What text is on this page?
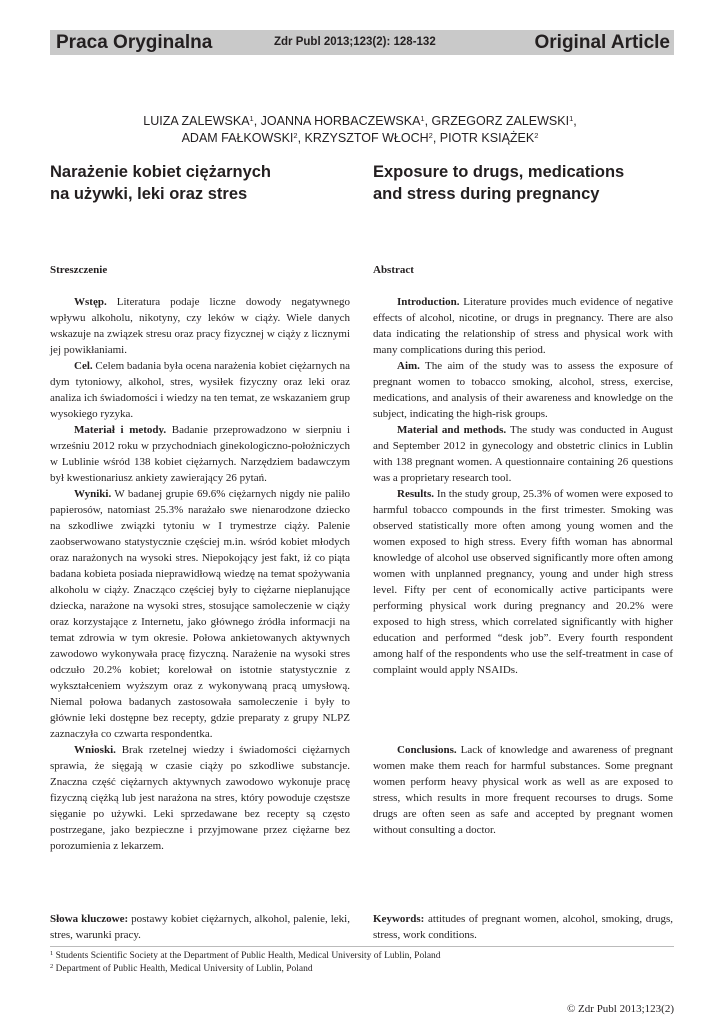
Praca Oryginalna	Zdr Publ 2013;123(2): 128-132	Original Article
LUIZA ZALEWSKA$^1$, JOANNA HORBACZEWSKA$^1$, GRZEGORZ ZALEWSKI$^1$,
ADAM FAŁKOWSKI$^2$, KRZYSZTOF WŁOCH$^2$, PIOTR KSIĄŻEK$^2$
Narażenie kobiet ciężarnych
na używki, leki oraz stres
Exposure to drugs, medications
and stress during pregnancy

Streszczenie

Wstęp. Literatura podaje liczne dowody negatywnego wpływu alkoholu, nikotyny, czy leków w ciąży. Wiele danych wskazuje na związek stresu oraz pracy fizycznej w ciąży z licznymi jej powikłaniami.

Cel. Celem badania była ocena narażenia kobiet ciężarnych na dym tytoniowy, alkohol, stres, wysiłek fizyczny oraz leki oraz analiza ich świadomości i wiedzy na ten temat, ze wskazaniem grup wysokiego ryzyka.

Materiał i metody. Badanie przeprowadzono w sierpniu i wrześniu 2012 roku w przychodniach ginekologiczno-położniczych w Lublinie wśród 138 kobiet ciężarnych. Narzędziem badawczym był kwestionariusz ankiety zawierający 26 pytań.

Wyniki. W badanej grupie 69.6% ciężarnych nigdy nie paliło papierosów, natomiast 25.3% narażało swe nienarodzone dziecko na szkodliwe związki tytoniu w I trymestrze ciąży. Palenie zaobserwowano statystycznie częściej m.in. wśród kobiet młodych oraz narażonych na wysoki stres. Niepokojący jest fakt, iż co piąta badana kobieta posiada nieprawidłową wiedzę na temat spożywania alkoholu w ciąży. Znacząco częściej były to ciężarne nieplanujące dziecka, narażone na wysoki stres, stosujące samoleczenie w ciąży oraz korzystające z Internetu, jako głównego źródła informacji na temat zdrowia w tym okresie. Połowa ankietowanych aktywnych zawodowo wykonywała pracę fizyczną. Narażenie na wysoki stres odczuło 20.2% kobiet; korelował on istotnie statystycznie z wykształceniem wyższym oraz z wykonywaną pracą umysłową. Niemal połowa badanych zastosowała samoleczenie i były to głównie leki dostępne bez recepty, gdzie preparaty z grupy NLPZ zaznaczyła co czwarta respondentka.

Wnioski. Brak rzetelnej wiedzy i świadomości ciężarnych sprawia, że sięgają w czasie ciąży po szkodliwe substancje. Znaczna część ciężarnych aktywnych zawodowo wykonuje pracę fizyczną ciężką lub jest narażona na stres, który powoduje częstsze sięganie po używki. Leki sprzedawane bez recepty są często postrzegane, jako bezpieczne i przyjmowane przez ciężarne bez porozumienia z lekarzem.

Abstract

Introduction. Literature provides much evidence of negative effects of alcohol, nicotine, or drugs in pregnancy. There are also data indicating the relationship of stress and physical work with many complications during this period.

Aim. The aim of the study was to assess the exposure of pregnant women to tobacco smoking, alcohol, stress, exercise, medications, and analysis of their awareness and knowledge on the subject, indicating the high-risk groups.

Material and methods. The study was conducted in August and September 2012 in gynecology and obstetric clinics in Lublin with 138 pregnant women. A questionnaire containing 26 questions was a proprietary research tool.

Results. In the study group, 25.3% of women were exposed to harmful tobacco compounds in the first trimester. Smoking was observed statistically more often among young women and the women exposed to high stress. Every fifth woman has abnormal knowledge of alcohol use observed significantly more often among women with unplanned pregnancy, young and under high stress level. Fifty per cent of economically active participants were performing physical work during pregnancy and 20.2% were exposed to high stress, which correlated significantly with higher education and performed “desk job”. Every fourth respondent among half of the respondents who use the self-treatment in case of complaint would apply NSAIDs.

Conclusions. Lack of knowledge and awareness of pregnant women make them reach for harmful substances. Some pregnant women perform heavy physical work as well as are exposed to stress, which results in more frequent recourses to drugs. Some drugs are often seen as safe and accepted by pregnant women without consulting a doctor.

Słowa kluczowe: postawy kobiet ciężarnych, alkohol, palenie, leki, stres, warunki pracy.
Keywords: attitudes of pregnant women, alcohol, smoking, drugs, stress, work conditions.
$^1$ Students Scientific Society at the Department of Public Health, Medical University of Lublin, Poland
$^2$ Department of Public Health, Medical University of Lublin, Poland
© Zdr Publ 2013;123(2)
